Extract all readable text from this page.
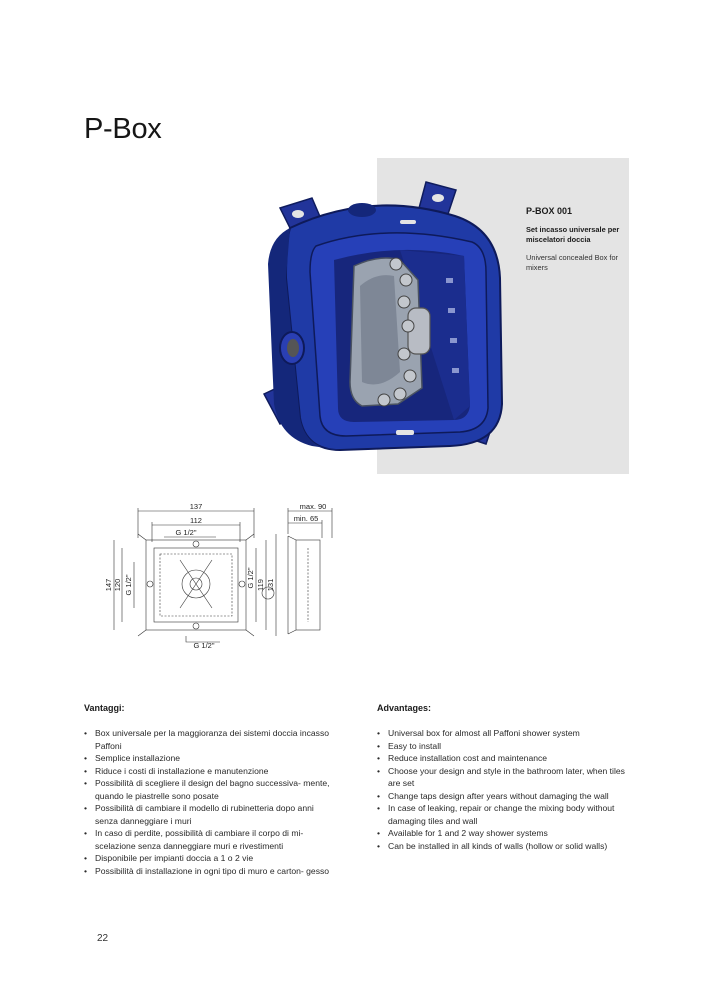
P-Box
P-BOX 001
Set incasso universale per miscelatori doccia
Universal concealed Box for mixers
137
112
G 1/2"
max. 90
min. 65
G 1/2"
147 120 G 1/2"	G 1/2" 119 131
Vantaggi:
• Box universale per la maggioranza dei sistemi doccia incasso Paffoni
• Semplice installazione
• Riduce i costi di installazione e manutenzione
• Possibilità di scegliere il design del bagno successiva- mente, quando le piastrelle sono posate
• Possibilità di cambiare il modello di rubinetteria dopo anni senza danneggiare i muri
• In caso di perdite, possibilità di cambiare il corpo di mi- scelazione senza danneggiare muri e rivestimenti
• Disponibile per impianti doccia a 1 o 2 vie
• Possibilità di installazione in ogni tipo di muro e carton- gesso
Advantages:
• Universal box for almost all Paffoni shower system
• Easy to install
• Reduce installation cost and maintenance
• Choose your design and style in the bathroom later, when tiles are set
• Change taps design after years without damaging the wall
• In case of leaking, repair or change the mixing body without damaging tiles and wall
• Available for 1 and 2 way shower systems
• Can be installed in all kinds of walls (hollow or solid walls)
22
